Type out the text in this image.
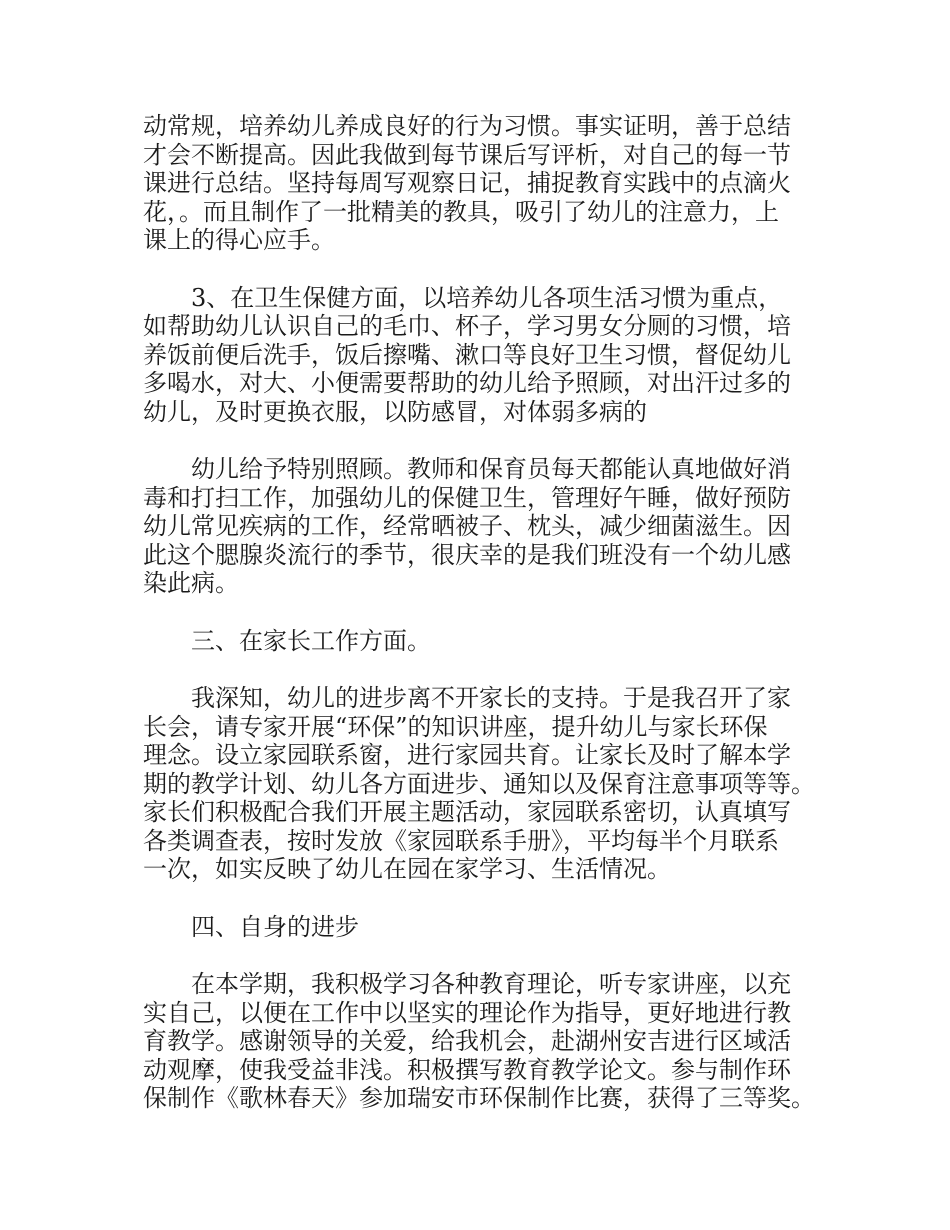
动常规，培养幼儿养成良好的行为习惯。事实证明，善于总结
才会不断提高。因此我做到每节课后写评析，对自己的每一节
课进行总结。坚持每周写观察日记，捕捉教育实践中的点滴火
花，。而且制作了一批精美的教具，吸引了幼儿的注意力，上
课上的得心应手。

　　3、在卫生保健方面，以培养幼儿各项生活习惯为重点，
如帮助幼儿认识自己的毛巾、杯子，学习男女分厕的习惯，培
养饭前便后洗手，饭后擦嘴、漱口等良好卫生习惯，督促幼儿
多喝水，对大、小便需要帮助的幼儿给予照顾，对出汗过多的
幼儿，及时更换衣服，以防感冒，对体弱多病的

　　幼儿给予特别照顾。教师和保育员每天都能认真地做好消
毒和打扫工作，加强幼儿的保健卫生，管理好午睡，做好预防
幼儿常见疾病的工作，经常晒被子、枕头，减少细菌滋生。因
此这个腮腺炎流行的季节，很庆幸的是我们班没有一个幼儿感
染此病。

　　三、在家长工作方面。

　　我深知，幼儿的进步离不开家长的支持。于是我召开了家
长会，请专家开展“环保”的知识讲座，提升幼儿与家长环保
理念。设立家园联系窗，进行家园共育。让家长及时了解本学
期的教学计划、幼儿各方面进步、通知以及保育注意事项等等。
家长们积极配合我们开展主题活动，家园联系密切，认真填写
各类调查表，按时发放《家园联系手册》，平均每半个月联系
一次，如实反映了幼儿在园在家学习、生活情况。

　　四、自身的进步

　　在本学期，我积极学习各种教育理论，听专家讲座，以充
实自己，以便在工作中以坚实的理论作为指导，更好地进行教
育教学。感谢领导的关爱，给我机会，赴湖州安吉进行区域活
动观摩，使我受益非浅。积极撰写教育教学论文。参与制作环
保制作《歌林春天》参加瑞安市环保制作比赛，获得了三等奖。
